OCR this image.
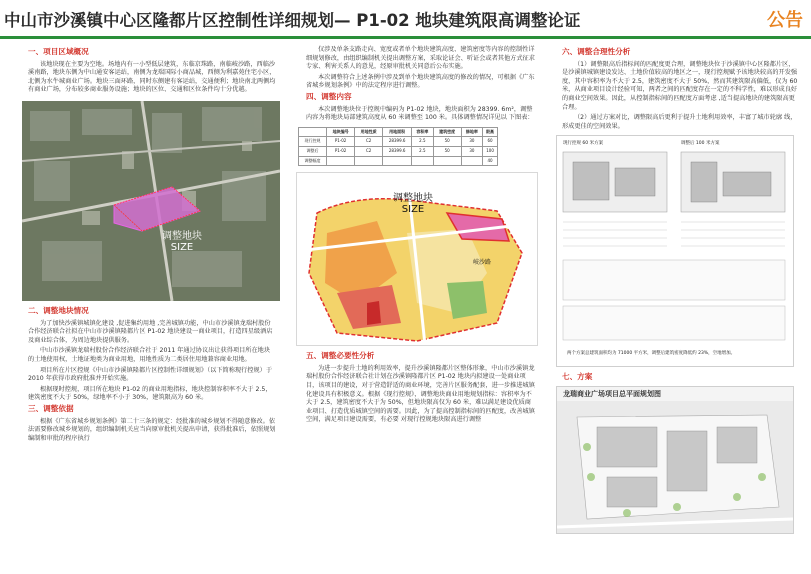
中山市沙溪镇中心区隆都片区控制性详细规划— P1-02 地块建筑限高调整论证	公告
一、项目区域概况
该地块现在主要为空地。场地内有一小型低层建筑，东临京珠路，南临岐沙路，西临沙溪南路，地块东侧为中山通安客运站，南侧为龙瑞国际小商品城，西侧为利嘉苑住宅小区，北侧为水牛城商业广场。地块三面环路，同时东侧建有客运站，交通便利；地块南北两侧均有商业广场，分布较多商业服务设施；地块的区位、交通和区位条件均十分优越。
调整地块
SIZE
二、调整地块情况
为了加快沙溪镇城镇化建设 ,促进集约用地 ,完善城镇功能，中山市沙溪镇龙瑞村股份合作经济联合社拟在中山市沙溪镇隆都片区 P1-02 地块建设一商业项目，打造四星级酒店及商业综合体，为周边地块提供服务。
中山市沙溪镇龙瑞村股份合作经济联合社于 2011 年通过协议出让获得项目所在地块的土地使用权，土地证地类为商业用地，用地性质为二类居住用地兼容商业用地。
项目所在片区控规《中山市沙溪镇隆都片区控制性详细规划》（以下简称现行控规）于 2010 年获得市政府批准并开始实施。
根据现时控规，项目所在地块 P1-02 的商业用地指标，地块控制容积率不大于 2.5，建筑密度不大于 50%，绿地率不小于 30%，建筑限高为 60 米。
三、调整依据
根据《广东省城乡规划条例》第二十三条的规定：经批准的城乡规划不得随意修改。依法需要修改城乡规划的，组织编制机关应当向原审批机关提出申请，获得批准后，依照规划编制和审批的程序执行
仅涉及单条支路走向、宽度或者单个地块建筑高度、建筑密度等内容的控制性详细规划修改，由组织编制机关提出调整方案，采取论证会、听证会或者其他方式征求专家、利害关系人的意见，经原审批机关同意后公布实施。
本次调整符合上述条例中涉及到单个地块建筑高度的修改的情况，可根据《广东省城乡规划条例》中的法定程序进行调整。
四、调整内容
本次调整地块位于控规中编码为 P1-02 地块，地块面积为 28399. 6m²，调整内容为将地块局部建筑高度从 60 米调整至 100 米。具体调整情况详见以 下图表：
	地块编号	用地性质	用地面积	容积率	建筑密度	绿地率	限高
现行控规	P1-02	C2	28399.6	2.5	50	30	60
调整后	P1-02	C2	28399.6	2.5	50	30	100
调整幅度							40
调整地块
SIZE
岐沙路
五、调整必要性分析
为进一步提升土地的利用效率，提升沙溪镇隆都片区整体形象，中山市沙溪镇龙瑞村股份合作经济联合社计划在沙溪镇隆都片区 P1-02 地块内拟建设一处商业项目，该项目的建设，对于营造舒适的商业环境，完善片区服务配套，进一步推进城镇化建设具有积极意义。根据《现行控规》，调整地块商业用地规划指标：容积率为不大于 2.5，建筑密度不大于为 50%，但地块限高仅为 60 米，难以满足建设优质商业项目、打造优质城镇空间的需要。因此，为了提高控制指标间的匹配度，改善城镇空间，满足项目建设需要，有必要 对现行控规地块限高进行调整
六、调整合理性分析
（1）调整限高后指标间的匹配度更合理，调整地块位于沙溪镇中心区隆都片区，是沙溪镇城镇建设发达、土地价值较高的地区之一，现行控规赋予该地块较高的开发强度，其中容积率为不大于 2.5，建筑密度不大于 50%，然而其建筑限高偏低，仅为 60 米，从商业项目设计经验可知，两者之间的匹配度存在一定的不科学性，难以形成良好的商业空间效果。因此，从控制指标间的匹配度方面考虑 ,适当提高地块的建筑限高更合理。
（2）通过方案对比，调整限高后更利于提升土地利用效率，丰富了城市轮廓 线，形成更佳的空间效果。
现行控规 60 米方案	调整后 100 米方案
两个方案总建筑面积均为 71000 平方米，调整后建筑密度降低约 23%，空地增加。
七、方案
龙瑞商业广场项目总平面规划图
